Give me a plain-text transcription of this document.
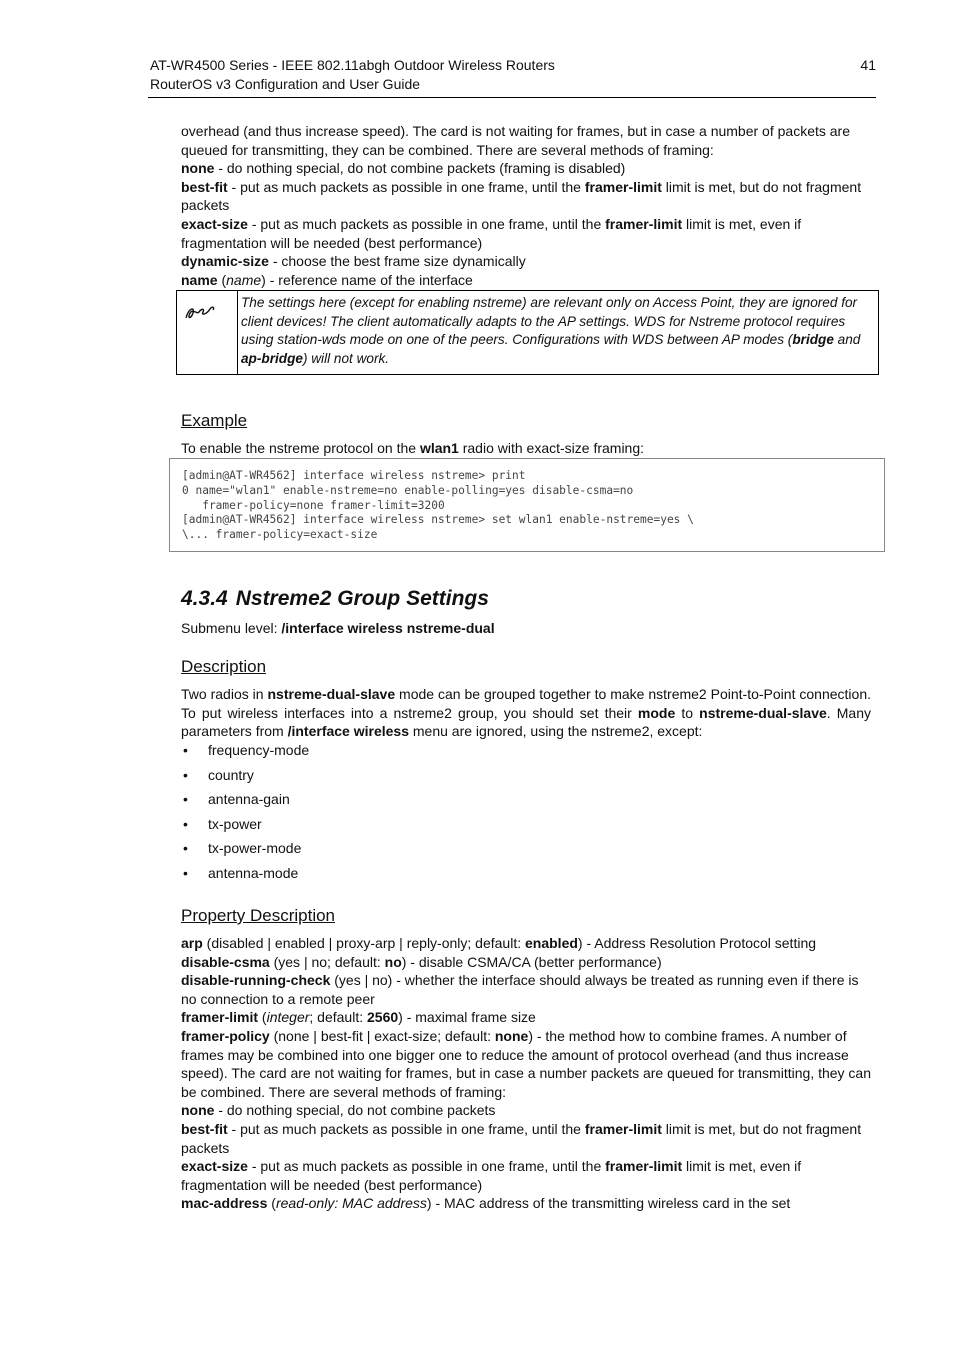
AT-WR4500 Series - IEEE 802.11abgh Outdoor Wireless Routers	41
RouterOS v3 Configuration and User Guide

overhead (and thus increase speed). The card is not waiting for frames, but in case a number of packets are queued for transmitting, they can be combined. There are several methods of framing:

none - do nothing special, do not combine packets (framing is disabled)

best-fit - put as much packets as possible in one frame, until the framer-limit limit is met, but do not fragment packets

exact-size - put as much packets as possible in one frame, until the framer-limit limit is met, even if fragmentation will be needed (best performance)

dynamic-size - choose the best frame size dynamically

name (name) - reference name of the interface

The settings here (except for enabling nstreme) are relevant only on Access Point, they are ignored for client devices! The client automatically adapts to the AP settings. WDS for Nstreme protocol requires using station-wds mode on one of the peers. Configurations with WDS between AP modes (bridge and ap-bridge) will not work.
Example
To enable the nstreme protocol on the wlan1 radio with exact-size framing:
[admin@AT-WR4562] interface wireless nstreme> print
0 name="wlan1" enable-nstreme=no enable-polling=yes disable-csma=no
framer-policy=none framer-limit=3200
[admin@AT-WR4562] interface wireless nstreme> set wlan1 enable-nstreme=yes \
\... framer-policy=exact-size
4.3.4 Nstreme2 Group Settings
Submenu level: /interface wireless nstreme-dual
Description

Two radios in nstreme-dual-slave mode can be grouped together to make nstreme2 Point-to-Point connection. To put wireless interfaces into a nstreme2 group, you should set their mode to nstreme-dual-slave. Many parameters from /interface wireless menu are ignored, using the nstreme2, except:

• frequency-mode
• country
• antenna-gain
• tx-power
• tx-power-mode
• antenna-mode
Property Description

arp (disabled | enabled | proxy-arp | reply-only; default: enabled) - Address Resolution Protocol setting

disable-csma (yes | no; default: no) - disable CSMA/CA (better performance)

disable-running-check (yes | no) - whether the interface should always be treated as running even if there is no connection to a remote peer

framer-limit (integer; default: 2560) - maximal frame size

framer-policy (none | best-fit | exact-size; default: none) - the method how to combine frames. A number of frames may be combined into one bigger one to reduce the amount of protocol overhead (and thus increase speed). The card are not waiting for frames, but in case a number packets are queued for transmitting, they can be combined. There are several methods of framing:

none - do nothing special, do not combine packets

best-fit - put as much packets as possible in one frame, until the framer-limit limit is met, but do not fragment packets

exact-size - put as much packets as possible in one frame, until the framer-limit limit is met, even if fragmentation will be needed (best performance)

mac-address (read-only: MAC address) - MAC address of the transmitting wireless card in the set
